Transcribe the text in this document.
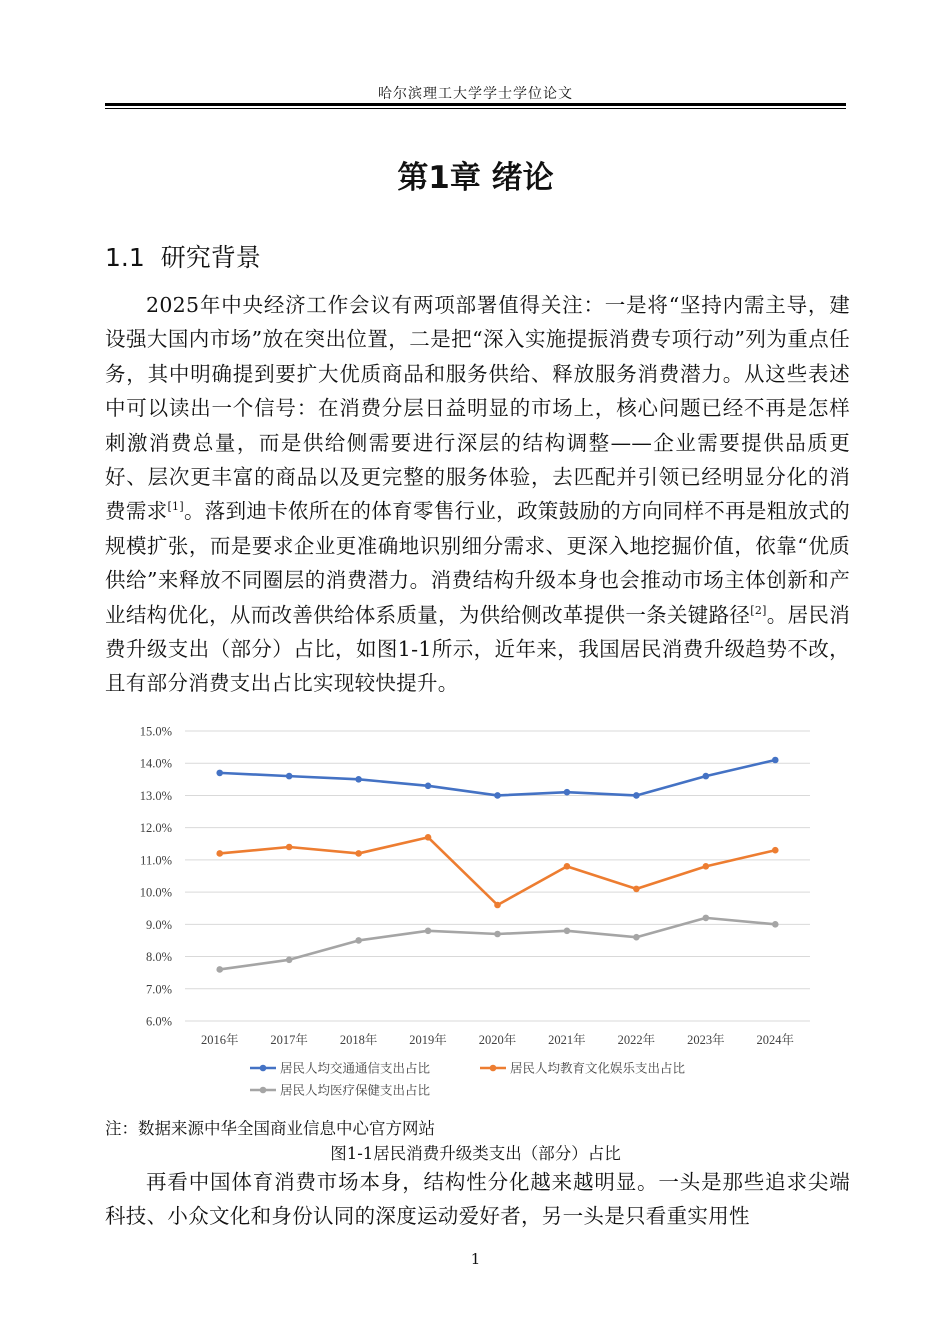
哈尔滨理工大学学士学位论文
第1章 绪论
1.1 研究背景
2025年中央经济工作会议有两项部署值得关注：一是将“坚持内需主导，建设强大国内市场”放在突出位置，二是把“深入实施提振消费专项行动”列为重点任务，其中明确提到要扩大优质商品和服务供给、释放服务消费潜力。从这些表述中可以读出一个信号：在消费分层日益明显的市场上，核心问题已经不再是怎样刺激消费总量，而是供给侧需要进行深层的结构调整——企业需要提供品质更好、层次更丰富的商品以及更完整的服务体验，去匹配并引领已经明显分化的消费需求[1]。落到迪卡侬所在的体育零售行业，政策鼓励的方向同样不再是粗放式的规模扩张，而是要求企业更准确地识别细分需求、更深入地挖掘价值，依靠“优质供给”来释放不同圈层的消费潜力。消费结构升级本身也会推动市场主体创新和产业结构优化，从而改善供给体系质量，为供给侧改革提供一条关键路径[2]。居民消费升级支出（部分）占比，如图1-1所示，近年来，我国居民消费升级趋势不改，且有部分消费支出占比实现较快提升。
6.0%
7.0%
8.0%
9.0%
10.0%
11.0%
12.0%
13.0%
14.0%
15.0%
2016年	2017年	2018年	2019年	2020年	2021年	2022年	2023年	2024年
居民人均交通通信支出占比	居民人均教育文化娱乐支出占比
居民人均医疗保健支出占比
注：数据来源中华全国商业信息中心官方网站
图1-1居民消费升级类支出（部分）占比
再看中国体育消费市场本身，结构性分化越来越明显。一头是那些追求尖端科技、小众文化和身份认同的深度运动爱好者，另一头是只看重实用性
1
